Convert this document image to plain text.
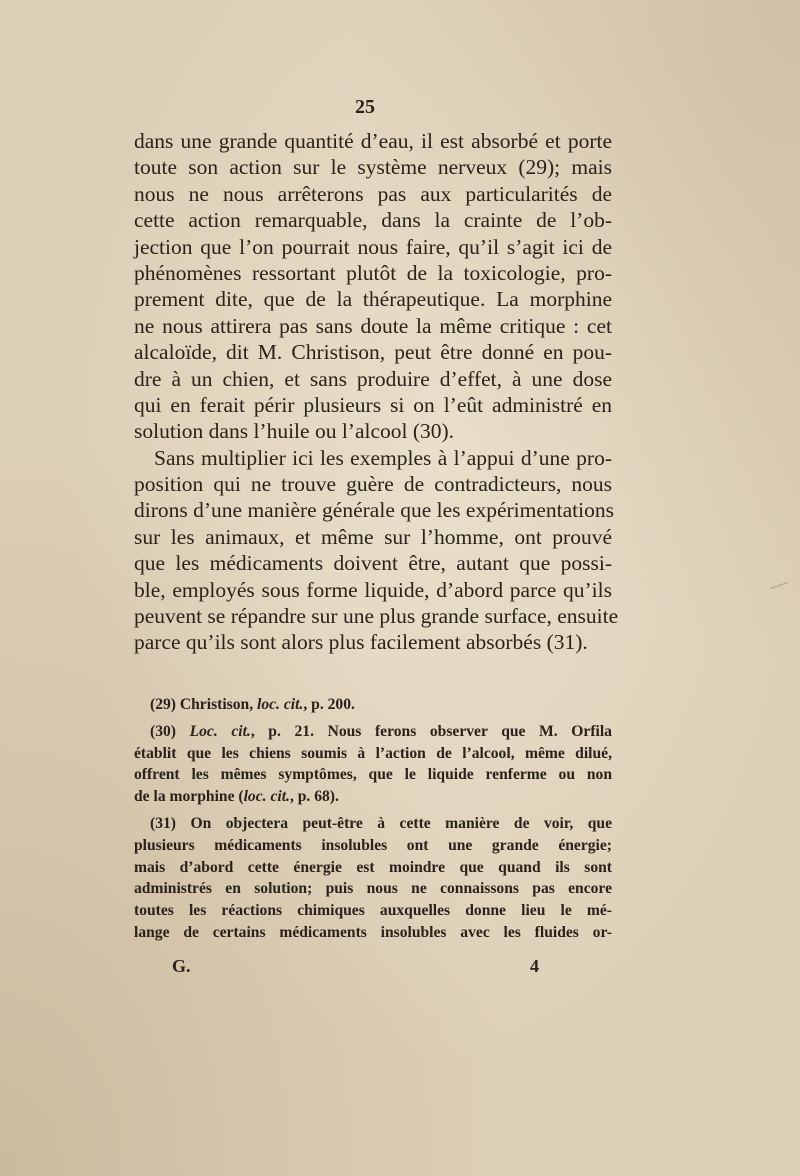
25
dans une grande quantité d’eau, il est absorbé et porte
toute son action sur le système nerveux (29); mais
nous ne nous arrêterons pas aux particularités de
cette action remarquable, dans la crainte de l’ob-
jection que l’on pourrait nous faire, qu’il s’agit ici de
phénomènes ressortant plutôt de la toxicologie, pro-
prement dite, que de la thérapeutique. La morphine
ne nous attirera pas sans doute la même critique : cet
alcaloïde, dit M. Christison, peut être donné en pou-
dre à un chien, et sans produire d’effet, à une dose
qui en ferait périr plusieurs si on l’eût administré en
solution dans l’huile ou l’alcool (30).
Sans multiplier ici les exemples à l’appui d’une pro-
position qui ne trouve guère de contradicteurs, nous
dirons d’une manière générale que les expérimentations
sur les animaux, et même sur l’homme, ont prouvé
que les médicaments doivent être, autant que possi-
ble, employés sous forme liquide, d’abord parce qu’ils
peuvent se répandre sur une plus grande surface, ensuite
parce qu’ils sont alors plus facilement absorbés (31).
(29) Christison, loc. cit., p. 200.
(30) Loc. cit., p. 21. Nous ferons observer que M. Orfila
établit que les chiens soumis à l’action de l’alcool, même dilué,
offrent les mêmes symptômes, que le liquide renferme ou non
de la morphine (loc. cit., p. 68).
(31) On objectera peut-être à cette manière de voir, que
plusieurs médicaments insolubles ont une grande énergie;
mais d’abord cette énergie est moindre que quand ils sont
administrés en solution; puis nous ne connaissons pas encore
toutes les réactions chimiques auxquelles donne lieu le mé-
lange de certains médicaments insolubles avec les fluides or-
G.	4
